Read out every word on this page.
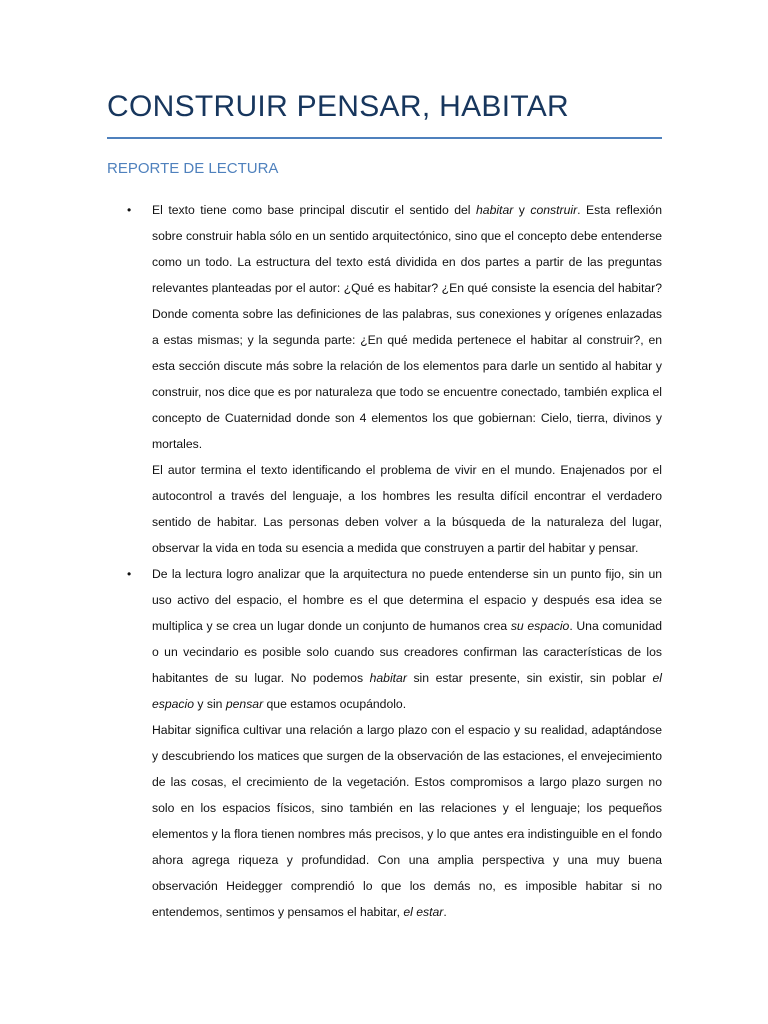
CONSTRUIR PENSAR, HABITAR
REPORTE DE LECTURA
• El texto tiene como base principal discutir el sentido del habitar y construir. Esta reflexión sobre construir habla sólo en un sentido arquitectónico, sino que el concepto debe entenderse como un todo. La estructura del texto está dividida en dos partes a partir de las preguntas relevantes planteadas por el autor: ¿Qué es habitar? ¿En qué consiste la esencia del habitar? Donde comenta sobre las definiciones de las palabras, sus conexiones y orígenes enlazadas a estas mismas; y la segunda parte: ¿En qué medida pertenece el habitar al construir?, en esta sección discute más sobre la relación de los elementos para darle un sentido al habitar y construir, nos dice que es por naturaleza que todo se encuentre conectado, también explica el concepto de Cuaternidad donde son 4 elementos los que gobiernan: Cielo, tierra, divinos y mortales.

El autor termina el texto identificando el problema de vivir en el mundo. Enajenados por el autocontrol a través del lenguaje, a los hombres les resulta difícil encontrar el verdadero sentido de habitar. Las personas deben volver a la búsqueda de la naturaleza del lugar, observar la vida en toda su esencia a medida que construyen a partir del habitar y pensar.

• De la lectura logro analizar que la arquitectura no puede entenderse sin un punto fijo, sin un uso activo del espacio, el hombre es el que determina el espacio y después esa idea se multiplica y se crea un lugar donde un conjunto de humanos crea su espacio. Una comunidad o un vecindario es posible solo cuando sus creadores confirman las características de los habitantes de su lugar. No podemos habitar sin estar presente, sin existir, sin poblar el espacio y sin pensar que estamos ocupándolo.

Habitar significa cultivar una relación a largo plazo con el espacio y su realidad, adaptándose y descubriendo los matices que surgen de la observación de las estaciones, el envejecimiento de las cosas, el crecimiento de la vegetación. Estos compromisos a largo plazo surgen no solo en los espacios físicos, sino también en las relaciones y el lenguaje; los pequeños elementos y la flora tienen nombres más precisos, y lo que antes era indistinguible en el fondo ahora agrega riqueza y profundidad. Con una amplia perspectiva y una muy buena observación Heidegger comprendió lo que los demás no, es imposible habitar si no entendemos, sentimos y pensamos el habitar, el estar.
